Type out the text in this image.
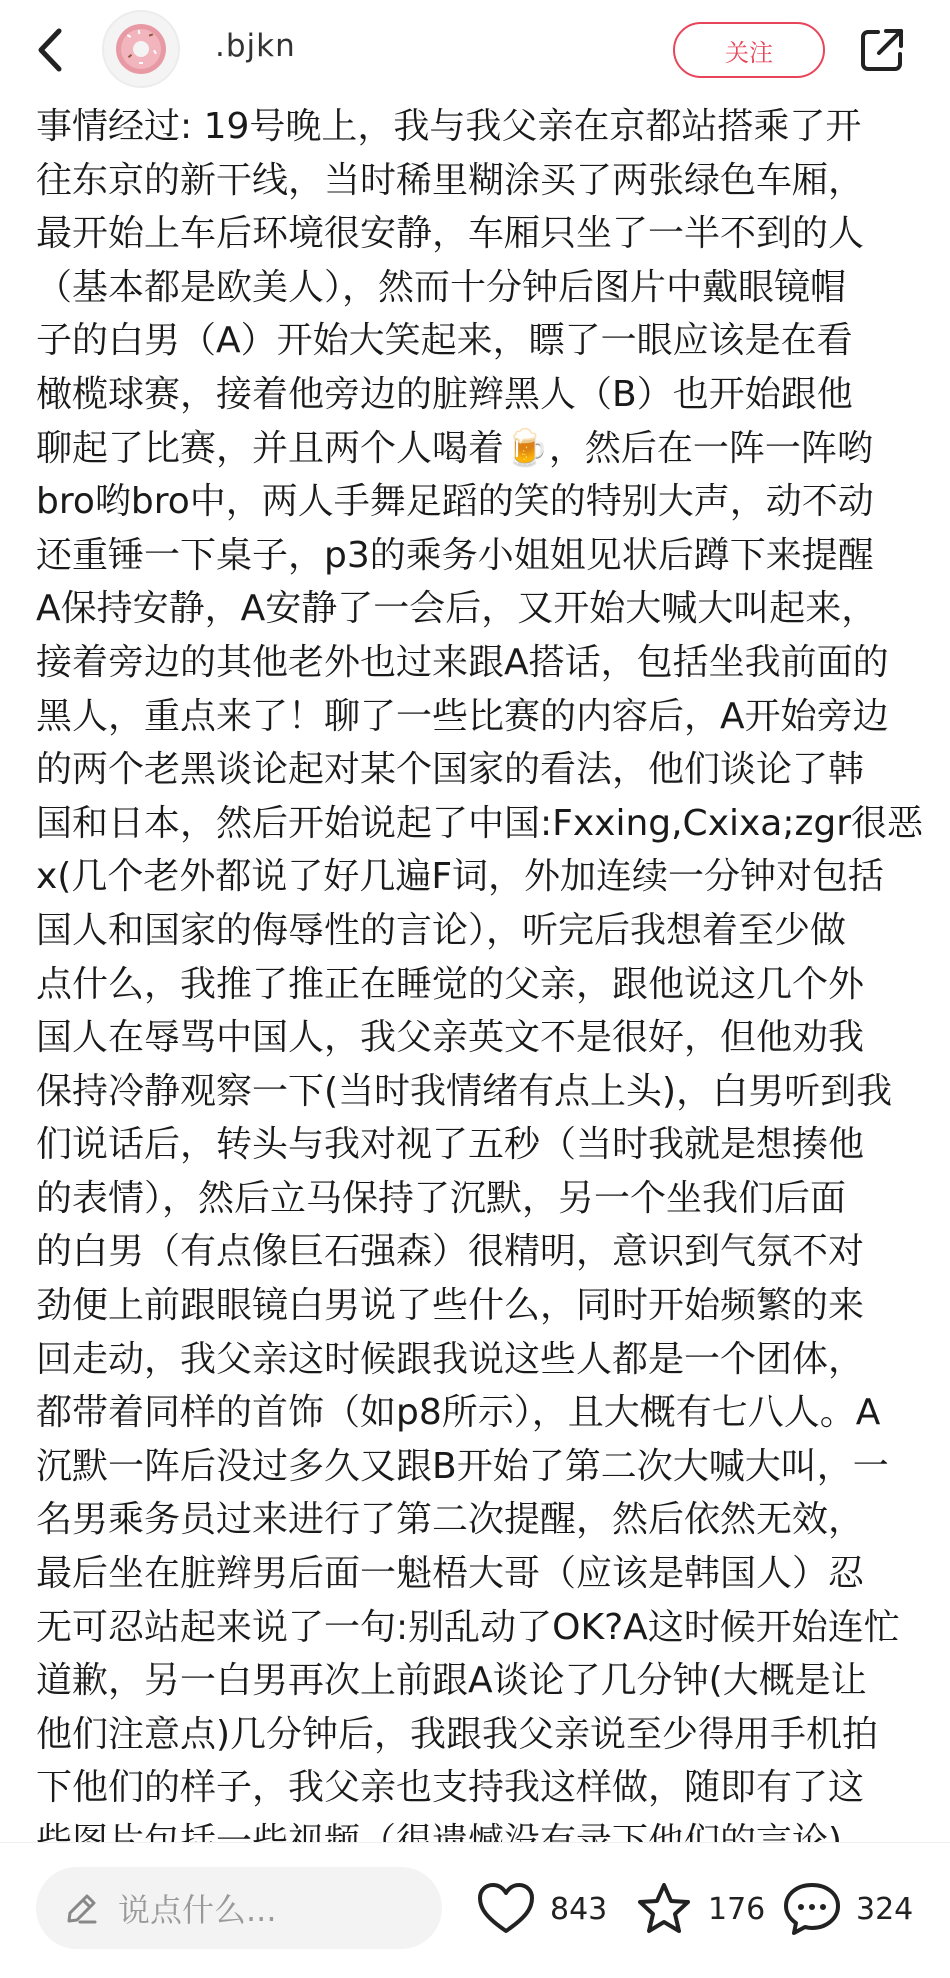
.bjkn	关注
事情经过: 19号晚上，我与我父亲在京都站搭乘了开
往东京的新干线，当时稀里糊涂买了两张绿色车厢，
最开始上车后环境很安静，车厢只坐了一半不到的人
（基本都是欧美人），然而十分钟后图片中戴眼镜帽
子的白男（A）开始大笑起来，瞟了一眼应该是在看
橄榄球赛，接着他旁边的脏辫黑人（B）也开始跟他
聊起了比赛，并且两个人喝着🍺，然后在一阵一阵哟
bro哟bro中，两人手舞足蹈的笑的特别大声，动不动
还重锤一下桌子，p3的乘务小姐姐见状后蹲下来提醒
A保持安静，A安静了一会后，又开始大喊大叫起来，
接着旁边的其他老外也过来跟A搭话，包括坐我前面的
黑人，重点来了！聊了一些比赛的内容后，A开始旁边
的两个老黑谈论起对某个国家的看法，他们谈论了韩
国和日本，然后开始说起了中国:Fxxing,Cxixa;zgr很恶
x(几个老外都说了好几遍F词，外加连续一分钟对包括
国人和国家的侮辱性的言论），听完后我想着至少做
点什么，我推了推正在睡觉的父亲，跟他说这几个外
国人在辱骂中国人，我父亲英文不是很好，但他劝我
保持冷静观察一下(当时我情绪有点上头)，白男听到我
们说话后，转头与我对视了五秒（当时我就是想揍他
的表情），然后立马保持了沉默，另一个坐我们后面
的白男（有点像巨石强森）很精明，意识到气氛不对
劲便上前跟眼镜白男说了些什么，同时开始频繁的来
回走动，我父亲这时候跟我说这些人都是一个团体，
都带着同样的首饰（如p8所示），且大概有七八人。A
沉默一阵后没过多久又跟B开始了第二次大喊大叫，一
名男乘务员过来进行了第二次提醒，然后依然无效，
最后坐在脏辫男后面一魁梧大哥（应该是韩国人）忍
无可忍站起来说了一句:别乱动了OK?A这时候开始连忙
道歉，另一白男再次上前跟A谈论了几分钟(大概是让
他们注意点)几分钟后，我跟我父亲说至少得用手机拍
下他们的样子，我父亲也支持我这样做，随即有了这
说点什么...	843	176	324
